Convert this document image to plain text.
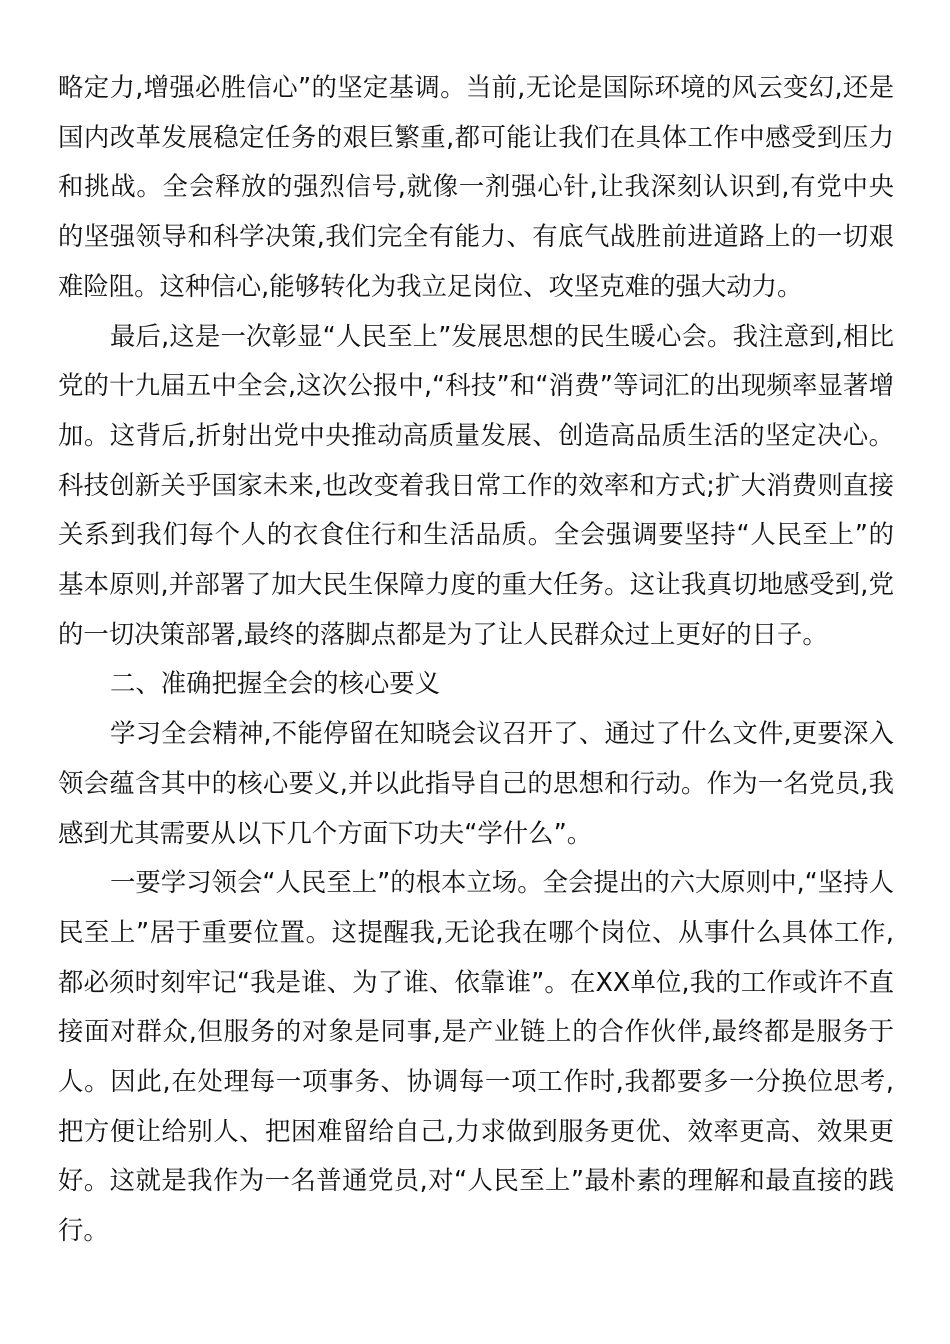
略定力,增强必胜信心”的坚定基调。当前,无论是国际环境的风云变幻,还是国内改革发展稳定任务的艰巨繁重,都可能让我们在具体工作中感受到压力和挑战。全会释放的强烈信号,就像一剂强心针,让我深刻认识到,有党中央的坚强领导和科学决策,我们完全有能力、有底气战胜前进道路上的一切艰难险阻。这种信心,能够转化为我立足岗位、攻坚克难的强大动力。

最后,这是一次彰显“人民至上”发展思想的民生暖心会。我注意到,相比党的十九届五中全会,这次公报中,“科技”和“消费”等词汇的出现频率显著增加。这背后,折射出党中央推动高质量发展、创造高品质生活的坚定决心。科技创新关乎国家未来,也改变着我日常工作的效率和方式;扩大消费则直接关系到我们每个人的衣食住行和生活品质。全会强调要坚持“人民至上”的基本原则,并部署了加大民生保障力度的重大任务。这让我真切地感受到,党的一切决策部署,最终的落脚点都是为了让人民群众过上更好的日子。

二、准确把握全会的核心要义

学习全会精神,不能停留在知晓会议召开了、通过了什么文件,更要深入领会蕴含其中的核心要义,并以此指导自己的思想和行动。作为一名党员,我感到尤其需要从以下几个方面下功夫“学什么”。

一要学习领会“人民至上”的根本立场。全会提出的六大原则中,“坚持人民至上”居于重要位置。这提醒我,无论我在哪个岗位、从事什么具体工作,都必须时刻牢记“我是谁、为了谁、依靠谁”。在XX单位,我的工作或许不直接面对群众,但服务的对象是同事,是产业链上的合作伙伴,最终都是服务于人。因此,在处理每一项事务、协调每一项工作时,我都要多一分换位思考,把方便让给别人、把困难留给自己,力求做到服务更优、效率更高、效果更好。这就是我作为一名普通党员,对“人民至上”最朴素的理解和最直接的践行。
